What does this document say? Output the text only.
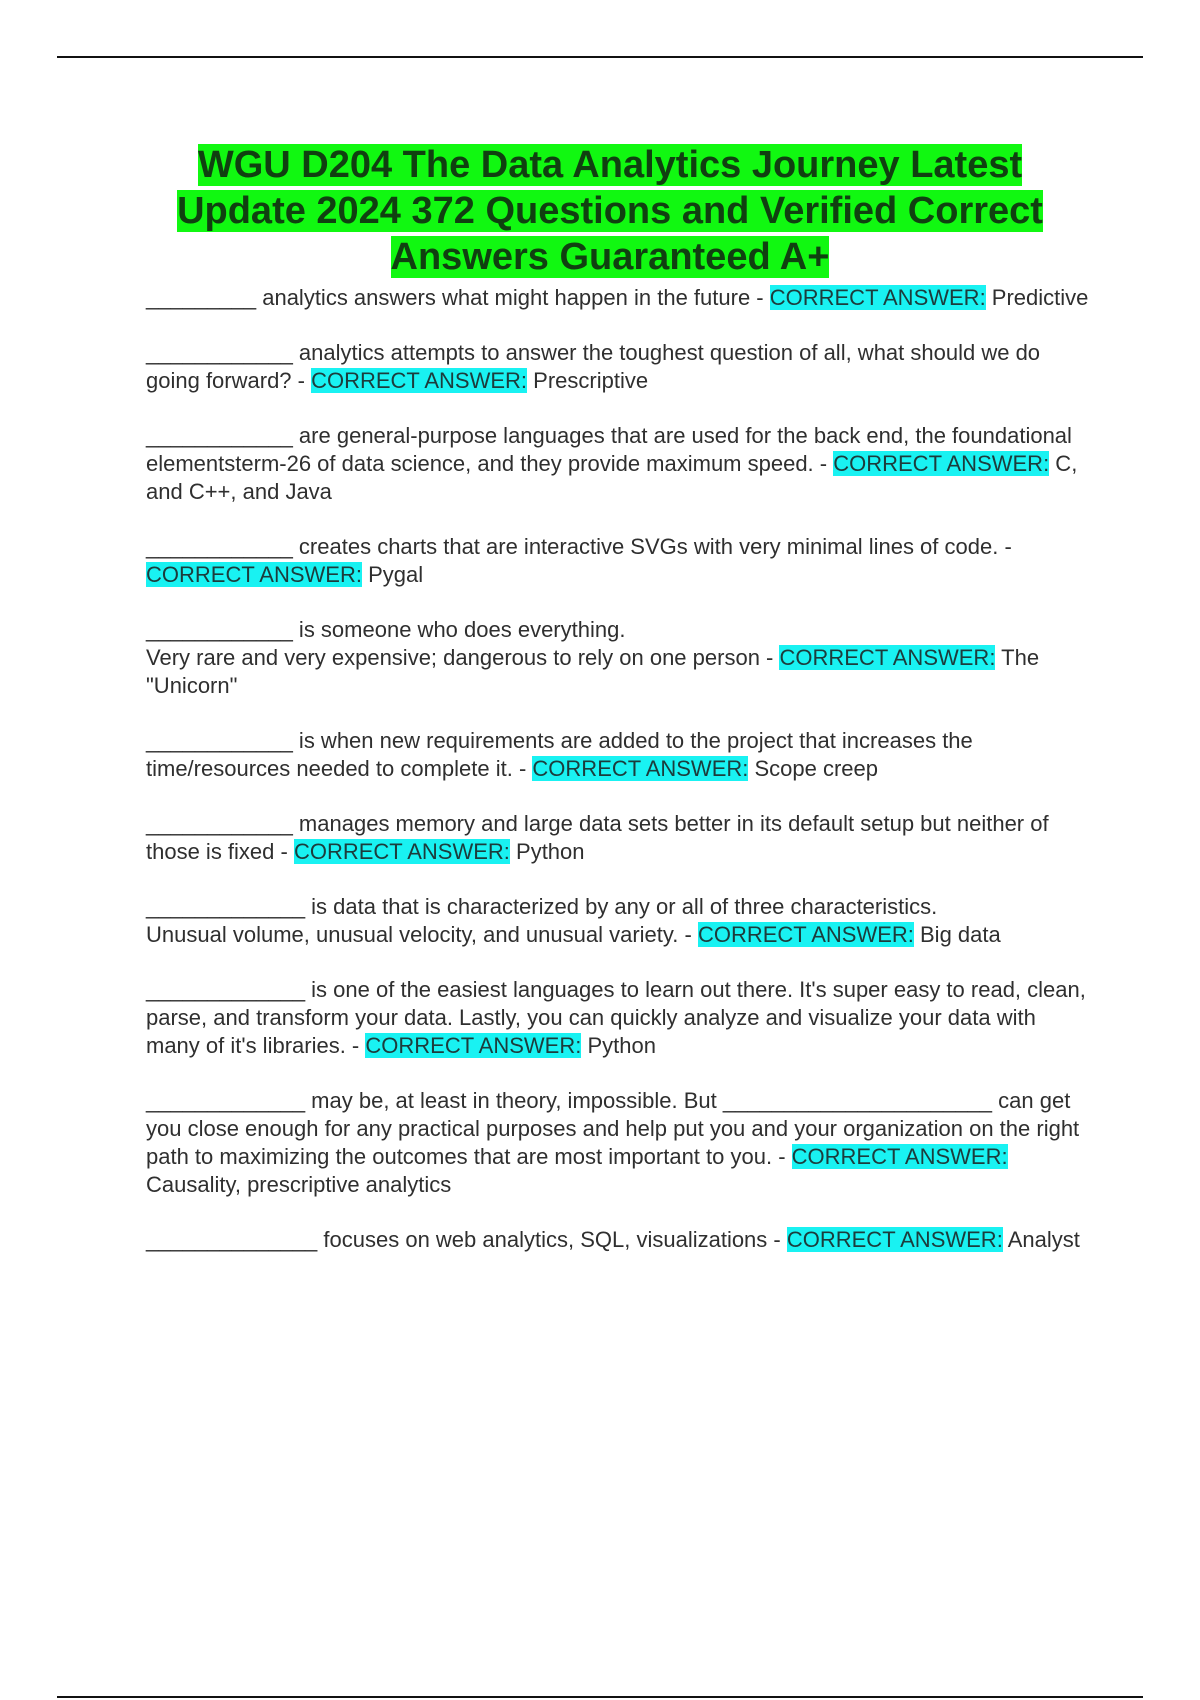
WGU D204 The Data Analytics Journey Latest Update 2024 372 Questions and Verified Correct Answers Guaranteed A+

_________ analytics answers what might happen in the future - CORRECT ANSWER: Predictive

____________ analytics attempts to answer the toughest question of all, what should we do going forward? - CORRECT ANSWER: Prescriptive

____________ are general-purpose languages that are used for the back end, the foundational elementsterm-26 of data science, and they provide maximum speed. - CORRECT ANSWER: C, and C++, and Java

____________ creates charts that are interactive SVGs with very minimal lines of code. - CORRECT ANSWER: Pygal

____________ is someone who does everything.
Very rare and very expensive; dangerous to rely on one person - CORRECT ANSWER: The "Unicorn"

____________ is when new requirements are added to the project that increases the time/resources needed to complete it. - CORRECT ANSWER: Scope creep

____________ manages memory and large data sets better in its default setup but neither of those is fixed - CORRECT ANSWER: Python

_____________ is data that is characterized by any or all of three characteristics.
Unusual volume, unusual velocity, and unusual variety. - CORRECT ANSWER: Big data

_____________ is one of the easiest languages to learn out there. It's super easy to read, clean, parse, and transform your data. Lastly, you can quickly analyze and visualize your data with many of it's libraries. - CORRECT ANSWER: Python

_____________ may be, at least in theory, impossible. But ______________________ can get you close enough for any practical purposes and help put you and your organization on the right path to maximizing the outcomes that are most important to you. - CORRECT ANSWER: Causality, prescriptive analytics

______________ focuses on web analytics, SQL, visualizations - CORRECT ANSWER: Analyst
